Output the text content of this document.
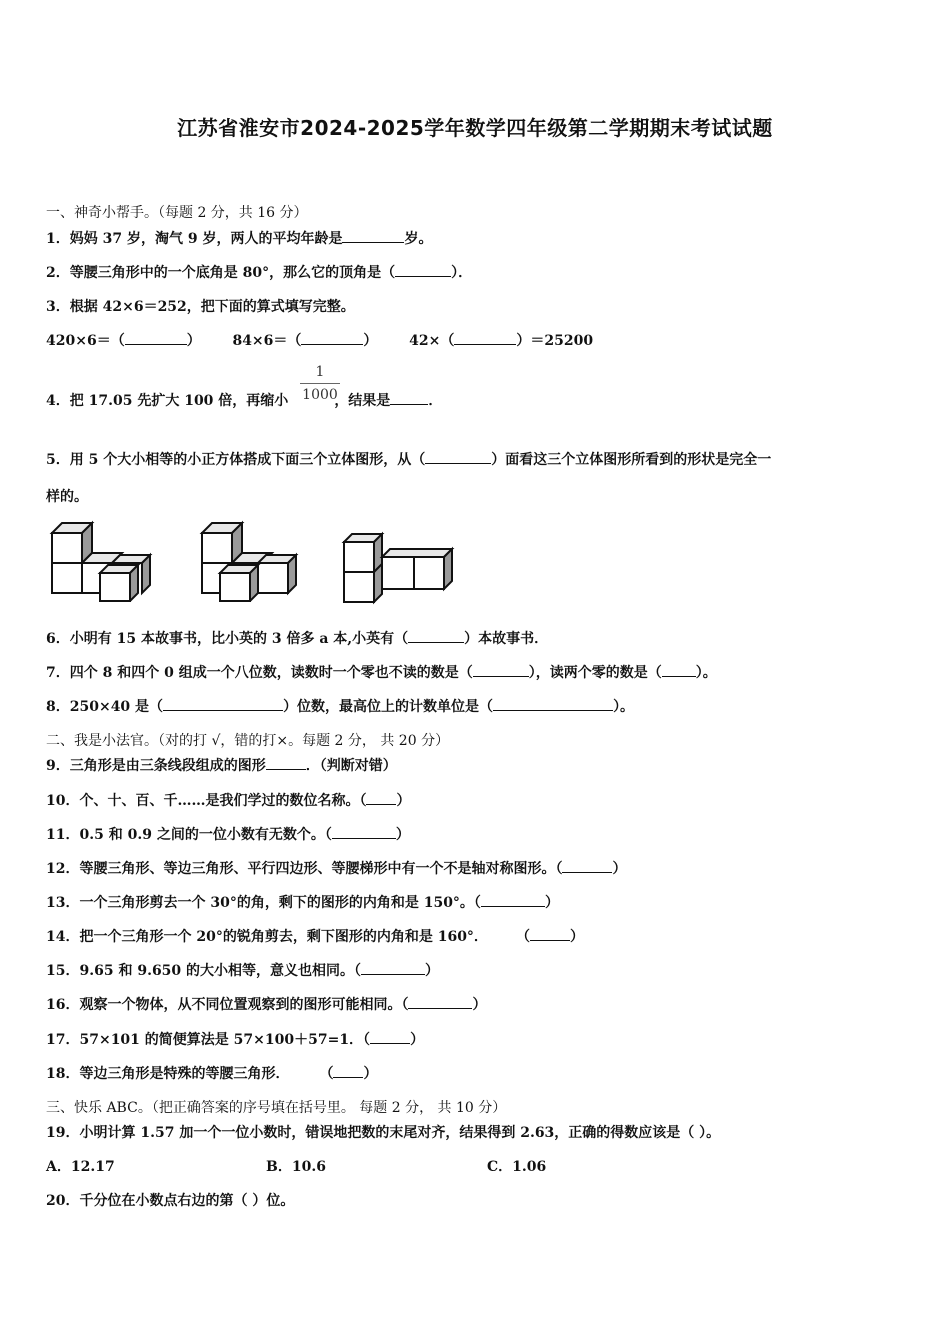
江苏省淮安市2024-2025学年数学四年级第二学期期末考试试题
一、神奇小帮手。（每题 2 分，共 16 分）
1．妈妈 37 岁，淘气 9 岁，两人的平均年龄是	岁。
2．等腰三角形中的一个底角是 80°，那么它的顶角是（	）．
3．根据 42×6＝252，把下面的算式填写完整。
420×6＝（	） 84×6＝（	） 42×（	）＝25200
4．把 17.05 先扩大 100 倍，再缩小	，结果是	．
1
1000
5．用 5 个大小相等的小正方体搭成下面三个立体图形，从（	）面看这三个立体图形所看到的形状是完全一
样的。
6．小明有 15 本故事书，比小英的 3 倍多 a 本,小英有（	）本故事书．
7．四个 8 和四个 0 组成一个八位数，读数时一个零也不读的数是（	），读两个零的数是（ ）。
8．250×40 是（	）位数，最高位上的计数单位是（	）。
二、我是小法官。（对的打 √，错的打×。每题 2 分， 共 20 分）
9．三角形是由三条线段组成的图形	．（判断对错）
10．个、十、百、千……是我们学过的数位名称。（ ）
11．0.5 和 0.9 之间的一位小数有无数个。（	）
12．等腰三角形、等边三角形、平行四边形、等腰梯形中有一个不是轴对称图形。（	）
13．一个三角形剪去一个 30°的角，剩下的图形的内角和是 150°。（	）
14．把一个三角形一个 20°的锐角剪去，剩下图形的内角和是 160°． （	）
15．9.65 和 9.650 的大小相等，意义也相同。（	）
16．观察一个物体，从不同位置观察到的图形可能相同。（	）
17．57×101 的简便算法是 57×100＋57=1．（	）
18．等边三角形是特殊的等腰三角形． （ ）
三、快乐 ABC。（把正确答案的序号填在括号里。 每题 2 分， 共 10 分）
19．小明计算 1.57 加一个一位小数时，错误地把数的末尾对齐，结果得到 2.63，正确的得数应该是（ ）。
A．12.17	B．10.6	C．1.06
20．千分位在小数点右边的第（ ）位。
